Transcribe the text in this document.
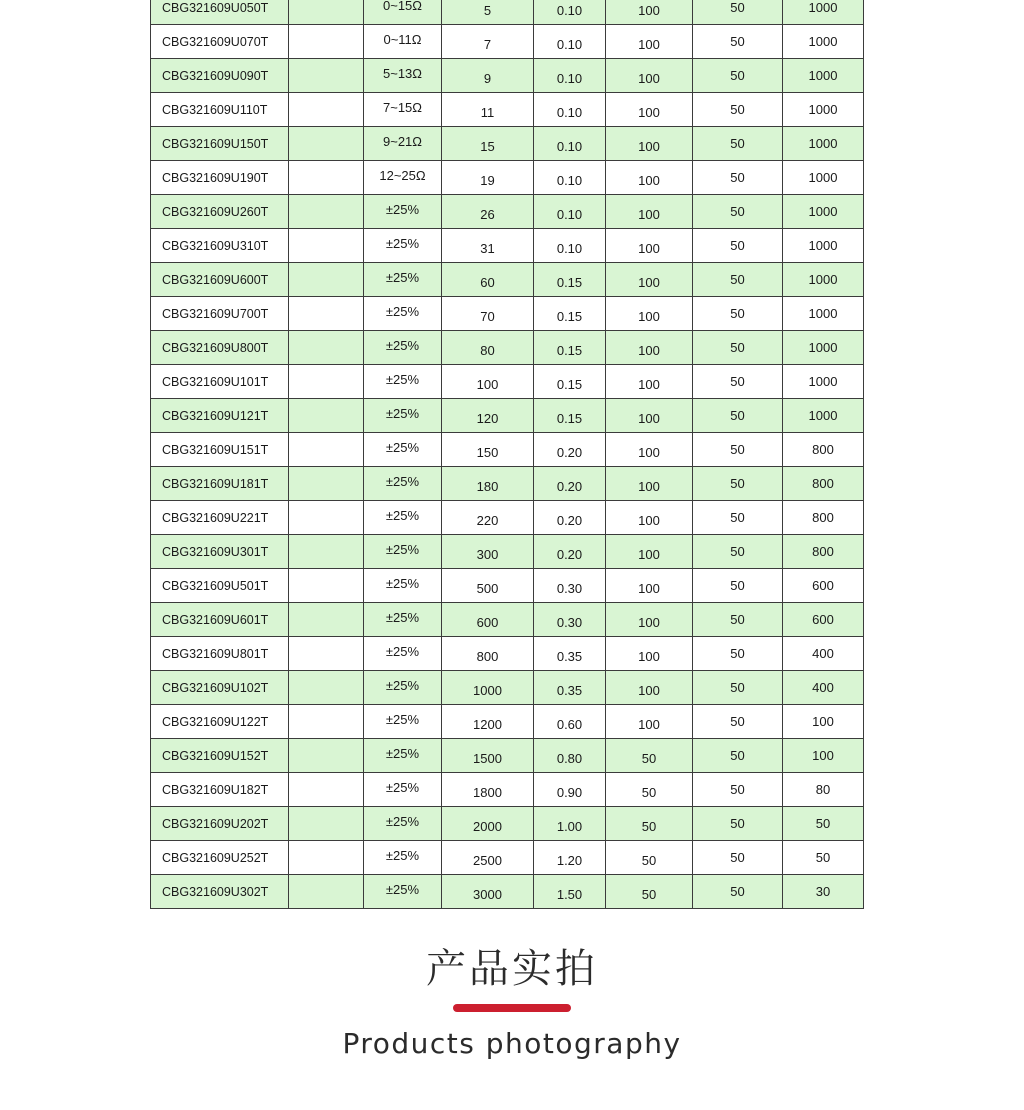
CBG321609U050T		0~15Ω	5	0.10	100	50	1000
CBG321609U070T		0~11Ω	7	0.10	100	50	1000
CBG321609U090T		5~13Ω	9	0.10	100	50	1000
CBG321609U110T		7~15Ω	11	0.10	100	50	1000
CBG321609U150T		9~21Ω	15	0.10	100	50	1000
CBG321609U190T		12~25Ω	19	0.10	100	50	1000
CBG321609U260T		±25%	26	0.10	100	50	1000
CBG321609U310T		±25%	31	0.10	100	50	1000
CBG321609U600T		±25%	60	0.15	100	50	1000
CBG321609U700T		±25%	70	0.15	100	50	1000
CBG321609U800T		±25%	80	0.15	100	50	1000
CBG321609U101T		±25%	100	0.15	100	50	1000
CBG321609U121T		±25%	120	0.15	100	50	1000
CBG321609U151T		±25%	150	0.20	100	50	800
CBG321609U181T		±25%	180	0.20	100	50	800
CBG321609U221T		±25%	220	0.20	100	50	800
CBG321609U301T		±25%	300	0.20	100	50	800
CBG321609U501T		±25%	500	0.30	100	50	600
CBG321609U601T		±25%	600	0.30	100	50	600
CBG321609U801T		±25%	800	0.35	100	50	400
CBG321609U102T		±25%	1000	0.35	100	50	400
CBG321609U122T		±25%	1200	0.60	100	50	100
CBG321609U152T		±25%	1500	0.80	50	50	100
CBG321609U182T		±25%	1800	0.90	50	50	80
CBG321609U202T		±25%	2000	1.00	50	50	50
CBG321609U252T		±25%	2500	1.20	50	50	50
CBG321609U302T		±25%	3000	1.50	50	50	30
产品实拍
Products photography
